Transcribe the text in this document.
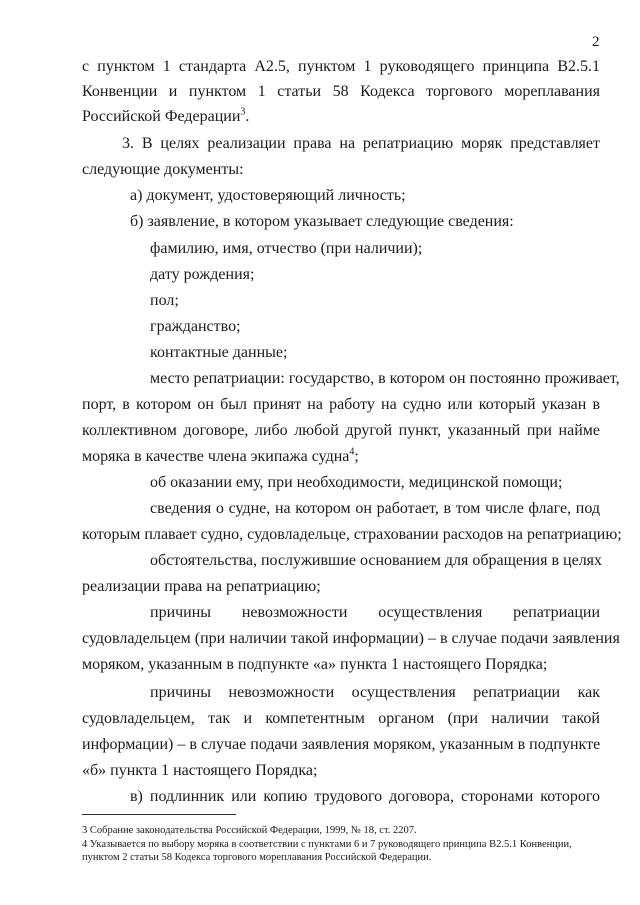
2
с пунктом 1 стандарта А2.5, пунктом 1 руководящего принципа В2.5.1
Конвенции и пунктом 1 статьи 58 Кодекса торгового мореплавания
Российской Федерации$^3$.
3. В целях реализации права на репатриацию моряк представляет
следующие документы:
а) документ, удостоверяющий личность;
б) заявление, в котором указывает следующие сведения:
фамилию, имя, отчество (при наличии);
дату рождения;
пол;
гражданство;
контактные данные;
место репатриации: государство, в котором он постоянно проживает,
порт, в котором он был принят на работу на судно или который указан в
коллективном договоре, либо любой другой пункт, указанный при найме
моряка в качестве члена экипажа судна$^4$;
об оказании ему, при необходимости, медицинской помощи;
сведения о судне, на котором он работает, в том числе флаге, под
которым плавает судно, судовладельце, страховании расходов на репатриацию;
обстоятельства, послужившие основанием для обращения в целях
реализации права на репатриацию;
причины невозможности осуществления репатриации
судовладельцем (при наличии такой информации) – в случае подачи заявления
моряком, указанным в подпункте «а» пункта 1 настоящего Порядка;
причины невозможности осуществления репатриации как
судовладельцем, так и компетентным органом (при наличии такой
информации) – в случае подачи заявления моряком, указанным в подпункте
«б» пункта 1 настоящего Порядка;
в) подлинник или копию трудового договора, сторонами которого
3 Собрание законодательства Российской Федерации, 1999, № 18, ст. 2207.
4 Указывается по выбору моряка в соответствии с пунктами 6 и 7 руководящего принципа В2.5.1 Конвенции,
пунктом 2 статьи 58 Кодекса торгового мореплавания Российской Федерации.
